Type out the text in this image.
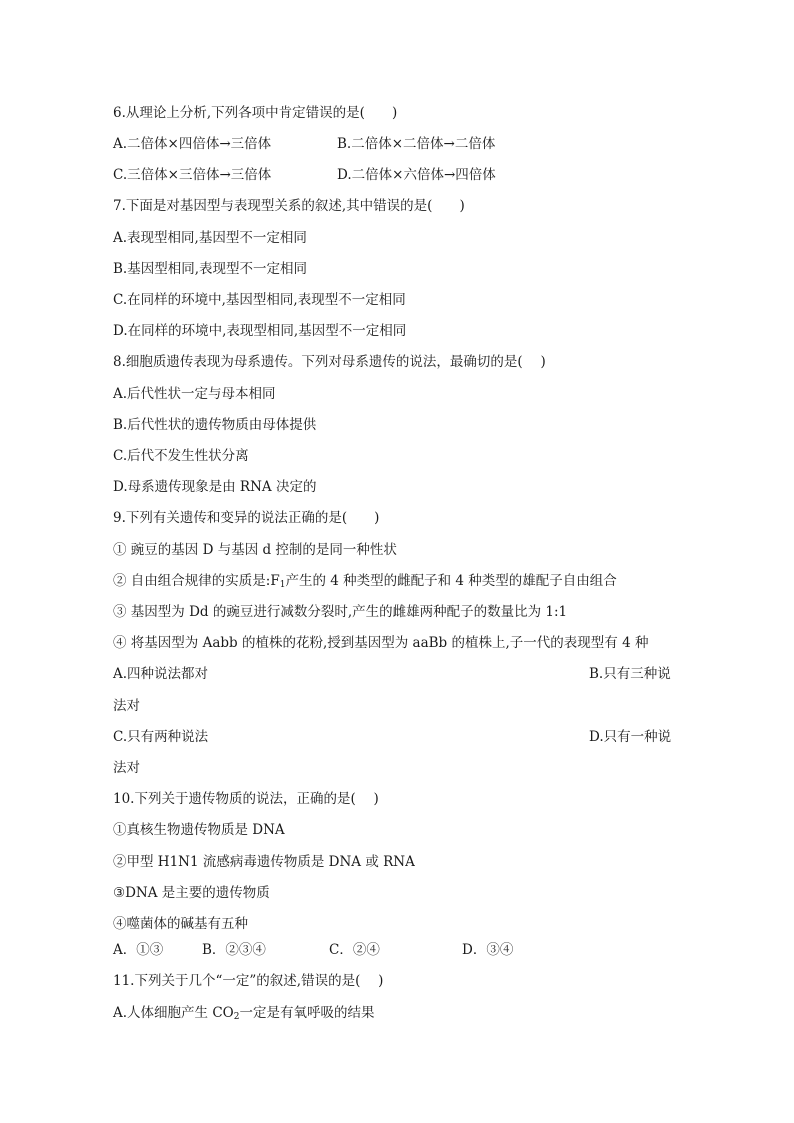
6.从理论上分析,下列各项中肯定错误的是(　　)
A.二倍体×四倍体→三倍体	B.二倍体×二倍体→二倍体
C.三倍体×三倍体→三倍体	D.二倍体×六倍体→四倍体
7.下面是对基因型与表现型关系的叙述,其中错误的是(　　)
A.表现型相同,基因型不一定相同
B.基因型相同,表现型不一定相同
C.在同样的环境中,基因型相同,表现型不一定相同
D.在同样的环境中,表现型相同,基因型不一定相同
8.细胞质遗传表现为母系遗传。下列对母系遗传的说法，最确切的是(　 )
A.后代性状一定与母本相同
B.后代性状的遗传物质由母体提供
C.后代不发生性状分离
D.母系遗传现象是由 RNA 决定的
9.下列有关遗传和变异的说法正确的是(　　)
① 豌豆的基因 D 与基因 d 控制的是同一种性状
② 自由组合规律的实质是$:F_1$产生的 4 种类型的雌配子和 4 种类型的雄配子自由组合
③ 基因型为 Dd 的豌豆进行减数分裂时,产生的雌雄两种配子的数量比为 1:1
④ 将基因型为 Aabb 的植株的花粉,授到基因型为 aaBb 的植株上,子一代的表现型有 4 种
A.四种说法都对	B.只有三种说
法对
C.只有两种说法	D.只有一种说
法对
10.下列关于遗传物质的说法，正确的是(　 )
①真核生物遗传物质是 DNA
②甲型 H1N1 流感病毒遗传物质是 DNA 或 RNA
③DNA 是主要的遗传物质
④噬菌体的碱基有五种
A．①③	B．②③④	C．②④	D．③④
11.下列关于几个“一定”的叙述,错误的是(　 )
A.人体细胞产生 $CO_2$一定是有氧呼吸的结果
